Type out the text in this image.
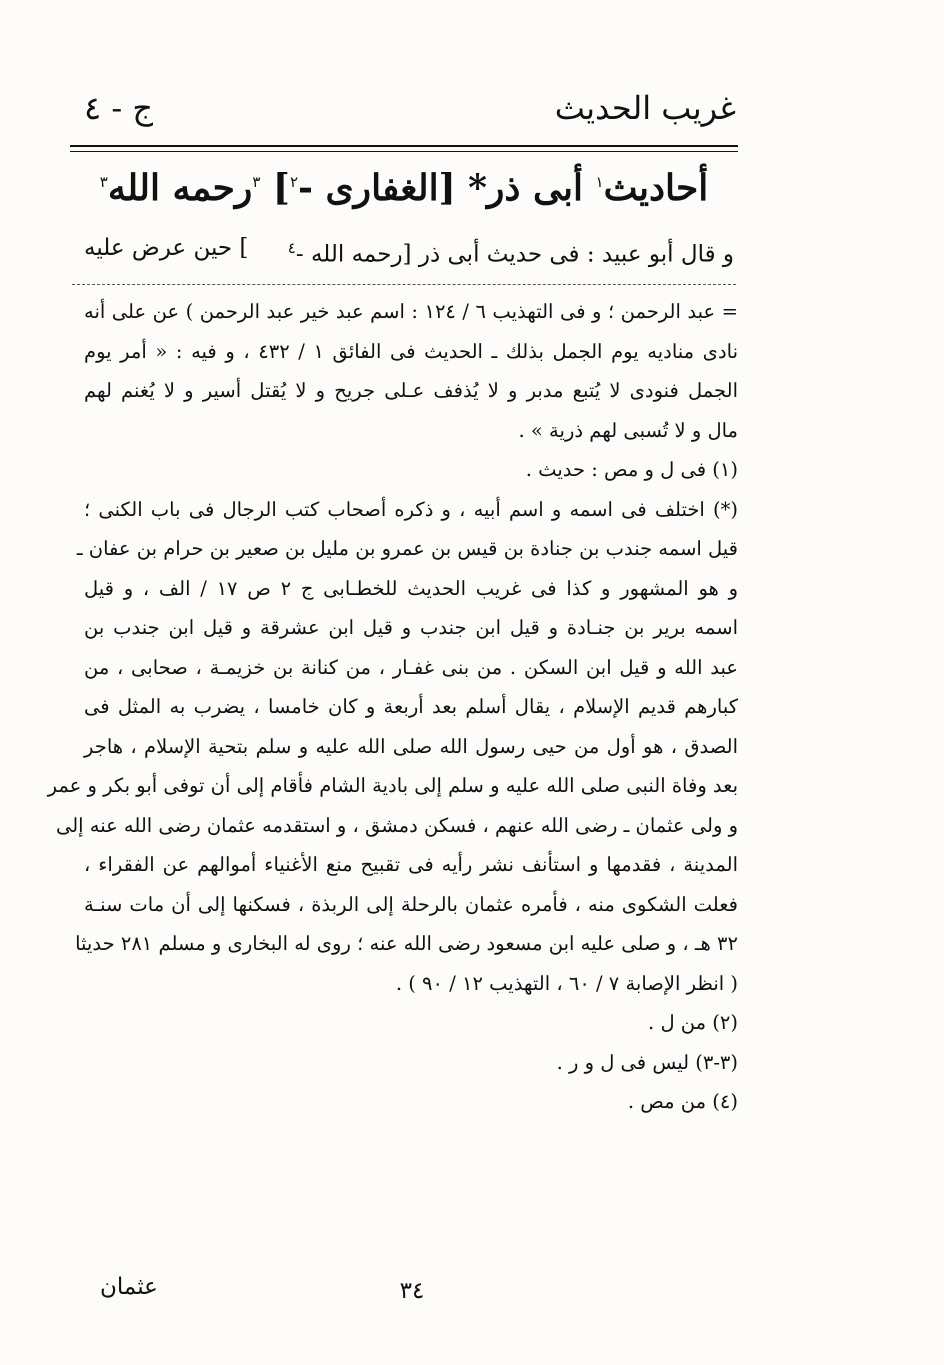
غريب الحديث
ج - ٤
أحاديث$^١$ أبى ذر* [الغفارى -$^٢$] $^٣$رحمه الله$^٣$
و قال أبو عبيد : فى حديث أبى ذر [رحمه الله -$^٤$
] حين عرض عليه
= عبد الرحمن ؛ و فى التهذيب ٦ / ١٢٤ : اسم عبد خير عبد الرحمن ) عن على أنه
نادى مناديه يوم الجمل بذلك ـ الحديث فى الفائق ١ / ٤٣٢ ، و فيه : « أمر يوم
الجمل فنودى لا يُتبع مدبر و لا يُذفف عـلى جريح و لا يُقتل أسير و لا يُغنم لهم
مال و لا تُسبى لهم ذرية » .
(١) فى ل و مص : حديث .
(*) اختلف فى اسمه و اسم أبيه ، و ذكره أصحاب كتب الرجال فى باب الكنى ؛
قيل اسمه جندب بن جنادة بن قيس بن عمرو بن مليل بن صعير بن حرام بن عفان ـ
و هو المشهور و كذا فى غريب الحديث للخطـابى ج ٢ ص ١٧ / الف ، و قيل
اسمه برير بن جنـادة و قيل ابن جندب و قيل ابن عشرقة و قيل ابن جندب بن
عبد الله و قيل ابن السكن . من بنى غفـار ، من كنانة بن خزيمـة ، صحابى ، من
كبارهم قديم الإسلام ، يقال أسلم بعد أربعة و كان خامسا ، يضرب به المثل فى
الصدق ، هو أول من حيى رسول الله صلى الله عليه و سلم بتحية الإسلام ، هاجر
بعد وفاة النبى صلى الله عليه و سلم إلى بادية الشام فأقام إلى أن توفى أبو بكر و عمر
و ولى عثمان ـ رضى الله عنهم ، فسكن دمشق ، و استقدمه عثمان رضى الله عنه إلى
المدينة ، فقدمها و استأنف نشر رأيه فى تقبيح منع الأغنياء أموالهم عن الفقراء ،
فعلت الشكوى منه ، فأمره عثمان بالرحلة إلى الربذة ، فسكنها إلى أن مات سنـة
٣٢ هـ ، و صلى عليه ابن مسعود رضى الله عنه ؛ روى له البخارى و مسلم ٢٨١ حديثا
( انظر الإصابة ٧ / ٦٠ ، التهذيب ١٢ / ٩٠ ) .
(٢) من ل .
(٣-٣) ليس فى ل و ر .
(٤) من مص .
٣٤
عثمان
